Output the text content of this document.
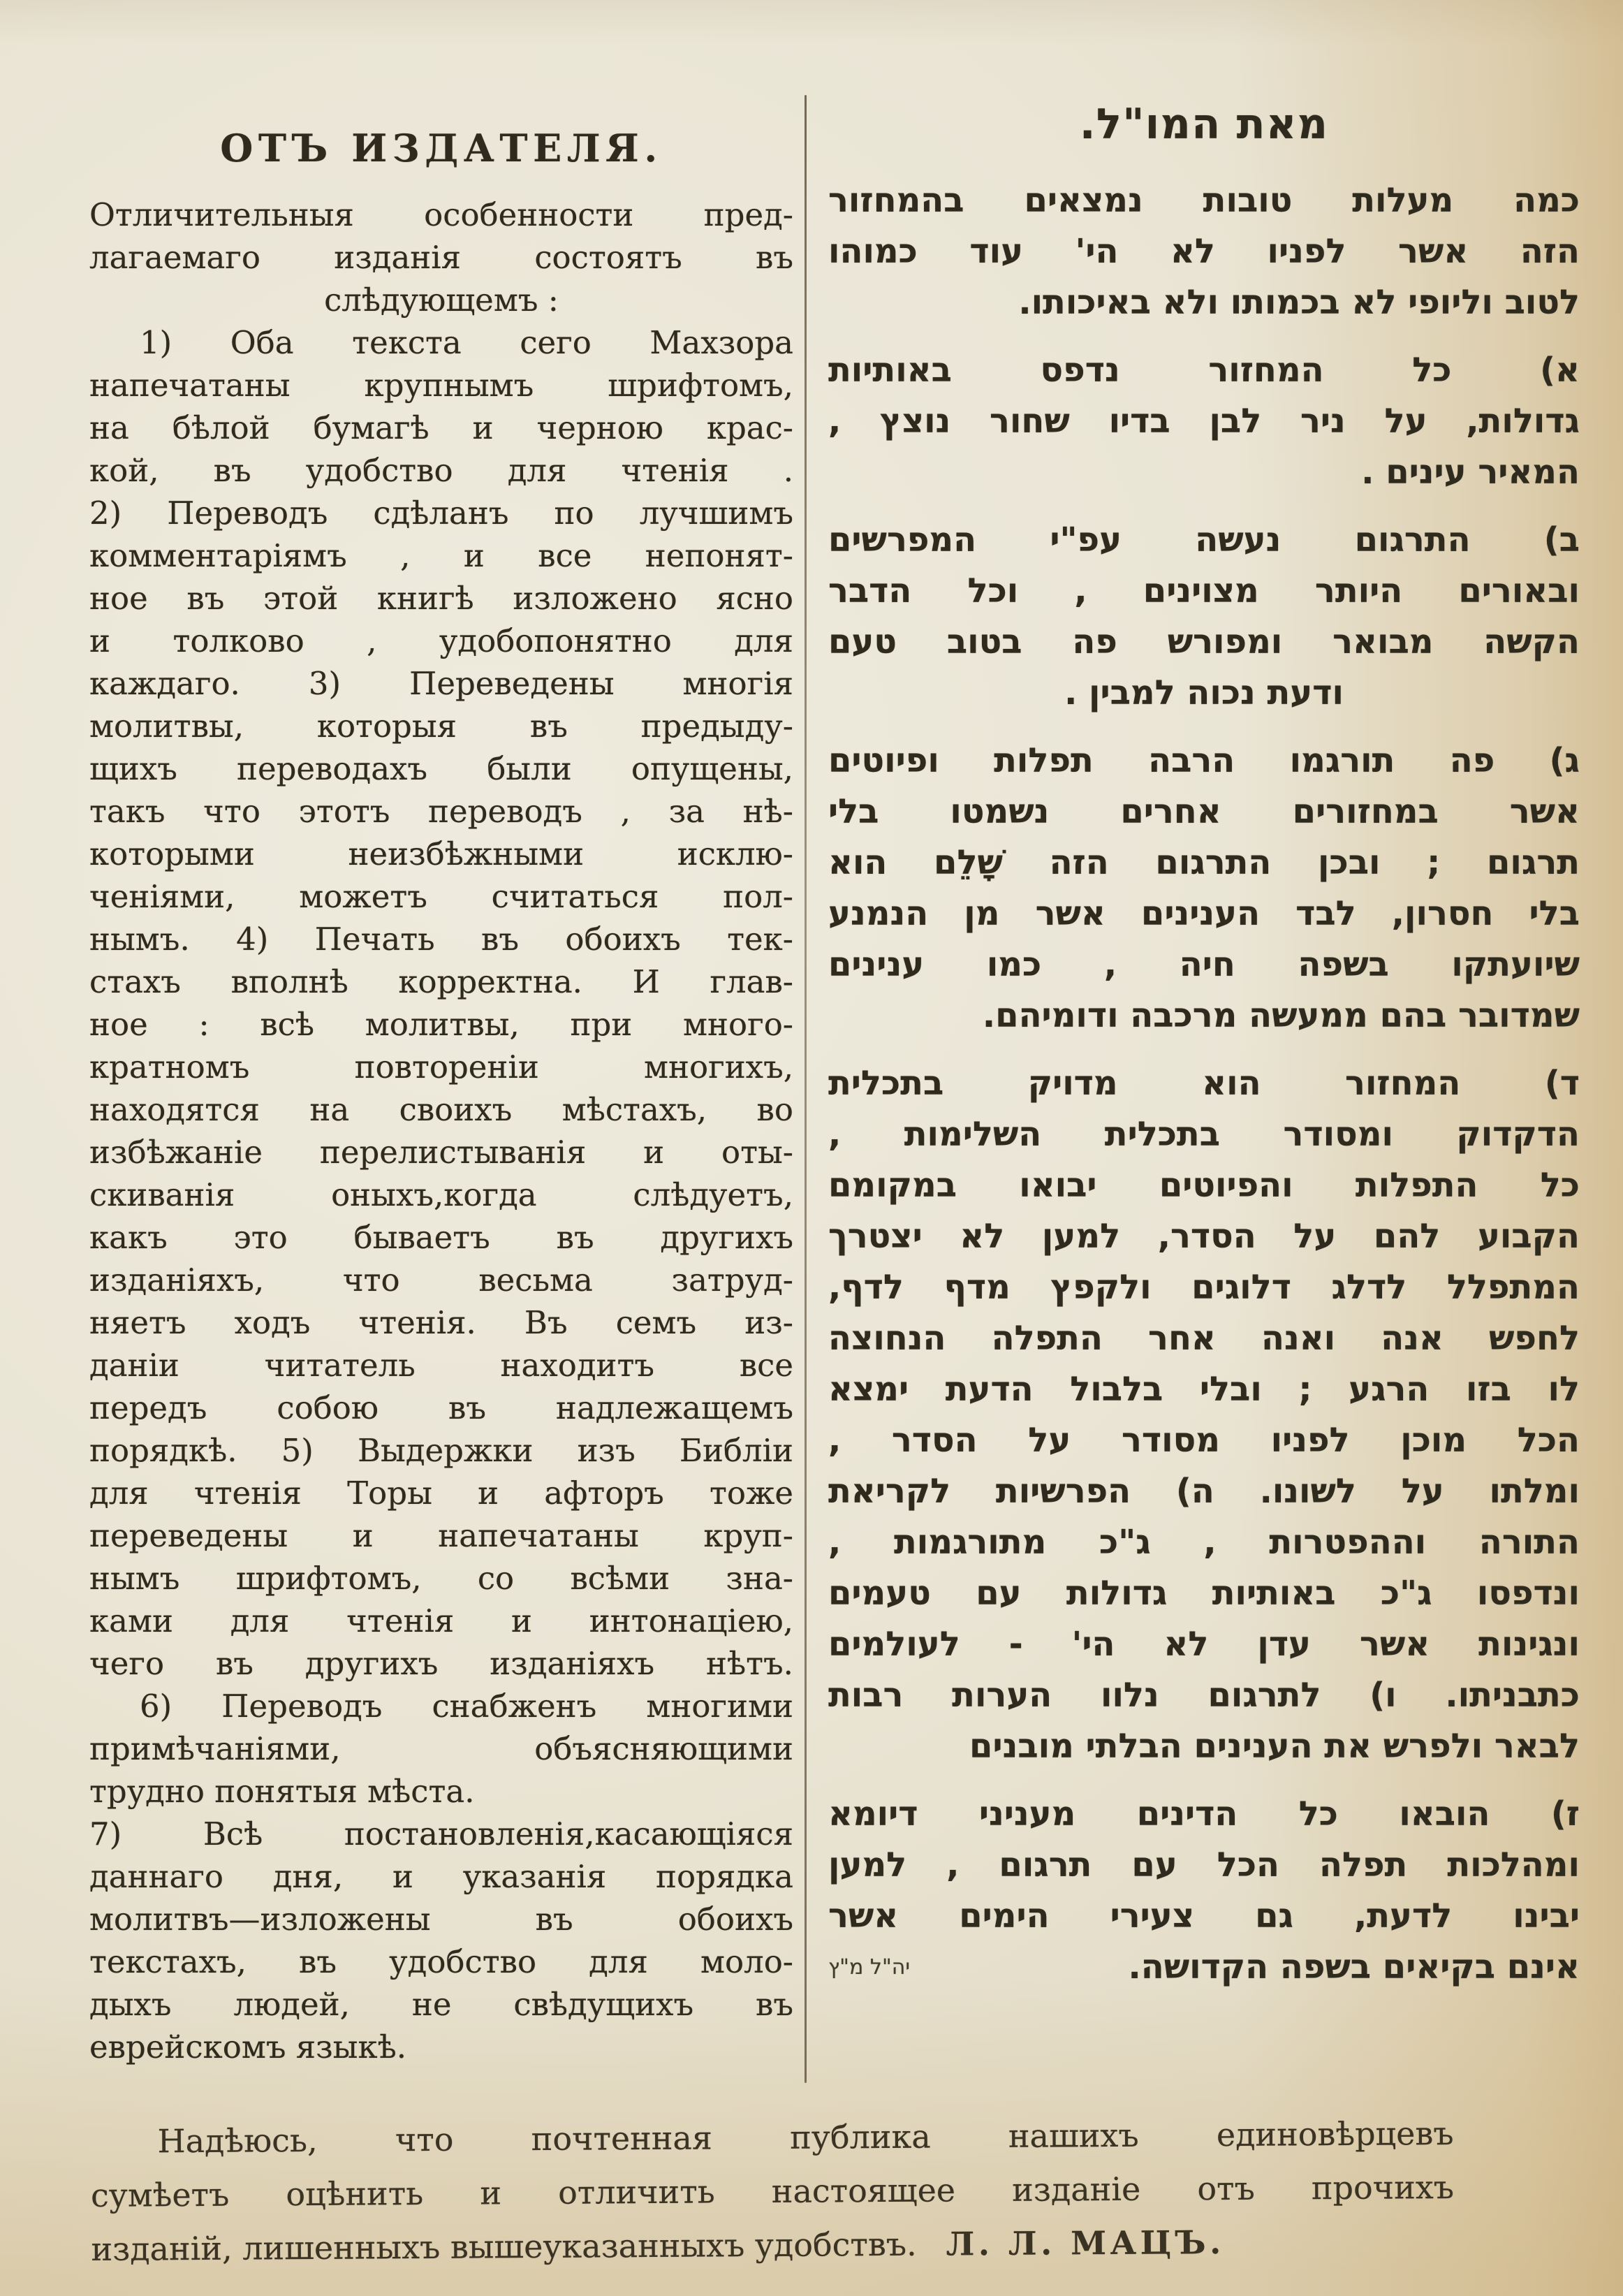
ОТЪ ИЗДАТЕЛЯ.
Отличительныя особенности пред-
лагаемаго изданія состоятъ въ
слѣдующемъ :
1) Оба текста сего Махзора
напечатаны крупнымъ шрифтомъ,
на бѣлой бумагѣ и черною крас-
кой, въ удобство для чтенія .
2) Переводъ сдѣланъ по лучшимъ
комментаріямъ , и все непонят-
ное въ этой книгѣ изложено ясно
и толково , удобопонятно для
каждаго. 3) Переведены многія
молитвы, которыя въ предыду-
щихъ переводахъ были опущены,
такъ что этотъ переводъ , за нѣ-
которыми неизбѣжными исклю-
ченіями, можетъ считаться пол-
нымъ. 4) Печать въ обоихъ тек-
стахъ вполнѣ корректна. И глав-
ное : всѣ молитвы, при много-
кратномъ повтореніи многихъ,
находятся на своихъ мѣстахъ, во
избѣжаніе перелистыванія и оты-
скиванія оныхъ,когда слѣдуетъ,
какъ это бываетъ въ другихъ
изданіяхъ, что весьма затруд-
няетъ ходъ чтенія. Въ семъ из-
даніи читатель находитъ все
передъ собою въ надлежащемъ
порядкѣ. 5) Выдержки изъ Библіи
для чтенія Торы и афторъ тоже
переведены и напечатаны круп-
нымъ шрифтомъ, со всѣми зна-
ками для чтенія и интонаціею,
чего въ другихъ изданіяхъ нѣтъ.
6) Переводъ снабженъ многими
примѣчаніями, объясняющими
трудно понятыя мѣста.
7) Всѣ постановленія,касающіяся
даннаго дня, и указанія порядка
молитвъ—изложены въ обоихъ
текстахъ, въ удобство для моло-
дыхъ людей, не свѣдущихъ въ
еврейскомъ языкѣ.
מאת המו"ל.
כמה מעלות טובות נמצאים בהמחזור
הזה אשר לפניו לא הי' עוד כמוהו
לטוב וליופי לא בכמותו ולא באיכותו.
א) כל המחזור נדפס באותיות
גדולות, על ניר לבן בדיו שחור נוצץ ,
המאיר עינים .
ב) התרגום נעשה עפ"י המפרשים
ובאורים היותר מצוינים , וכל הדבר
הקשה מבואר ומפורש פה בטוב טעם
ודעת נכוה למבין .
ג) פה תורגמו הרבה תפלות ופיוטים
אשר במחזורים אחרים נשמטו בלי
תרגום ; ובכן התרגום הזה שָׁלֵם הוא
בלי חסרון, לבד הענינים אשר מן הנמנע
שיועתקו בשפה חיה , כמו ענינים
שמדובר בהם ממעשה מרכבה ודומיהם.
ד) המחזור הוא מדויק בתכלית
הדקדוק ומסודר בתכלית השלימות ,
כל התפלות והפיוטים יבואו במקומם
הקבוע להם על הסדר, למען לא יצטרך
המתפלל לדלג דלוגים ולקפץ מדף לדף,
לחפש אנה ואנה אחר התפלה הנחוצה
לו בזו הרגע ; ובלי בלבול הדעת ימצא
הכל מוכן לפניו מסודר על הסדר ,
ומלתו על לשונו. ה) הפרשיות לקריאת
התורה וההפטרות , ג"כ מתורגמות ,
ונדפסו ג"כ באותיות גדולות עם טעמים
ונגינות אשר עדן לא הי' - לעולמים
כתבניתו. ו) לתרגום נלוו הערות רבות
לבאר ולפרש את הענינים הבלתי מובנים
ז) הובאו כל הדינים מעניני דיומא
ומהלכות תפלה הכל עם תרגום , למען
יבינו לדעת, גם צעירי הימים אשר
אינם בקיאים בשפה הקדושה.
יה"ל מ"ץ
Надѣюсь, что почтенная публика нашихъ единовѣрцевъ
сумѣетъ оцѣнить и отличить настоящее изданіе отъ прочихъ
изданій, лишенныхъ вышеуказанныхъ удобствъ. Л. Л. МАЦЪ.
